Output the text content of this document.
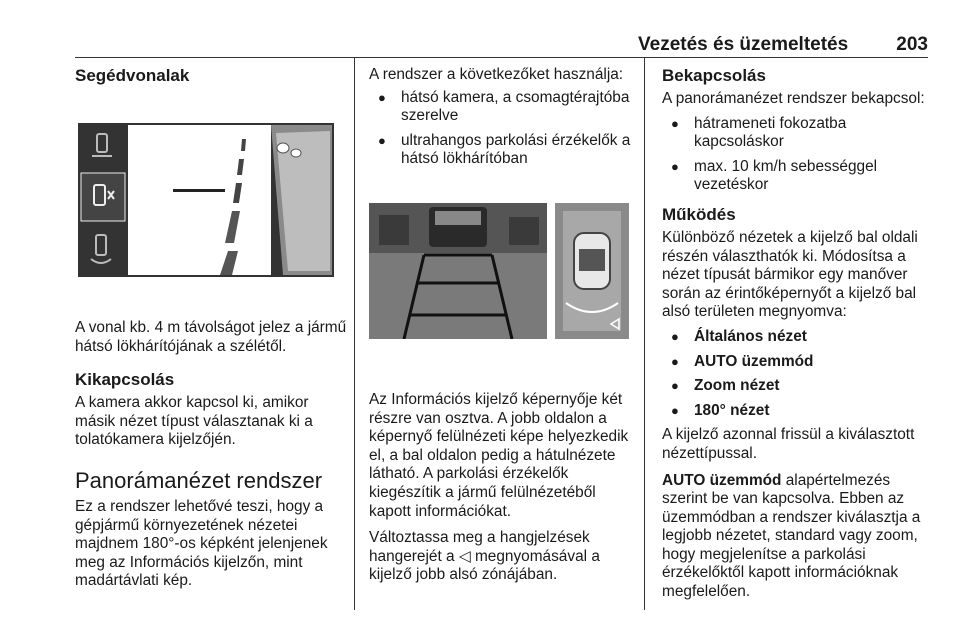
Vezetés és üzemeltetés	203
Segédvonalak

A vonal kb. 4 m távolságot jelez a jármű hátsó lökhárítójának a szélétől.

Kikapcsolás

A kamera akkor kapcsol ki, amikor másik nézet típust választanak ki a tolatókamera kijelzőjén.

Panorámanézet rendszer

Ez a rendszer lehetővé teszi, hogy a gépjármű környezetének nézetei majdnem 180°-os képként jelenjenek meg az Információs kijelzőn, mint madártávlati kép.

A rendszer a következőket használja:

● hátsó kamera, a csomagtérajtóba szerelve
● ultrahangos parkolási érzékelők a hátsó lökhárítóban

Az Információs kijelző képernyője két részre van osztva. A jobb oldalon a képernyő felülnézeti képe helyezkedik el, a bal oldalon pedig a hátulnézete látható. A parkolási érzékelők kiegészítik a jármű felülnézetéből kapott információkat.

Változtassa meg a hangjelzések hangerejét a ◁ megnyomásával a kijelző jobb alsó zónájában.

Bekapcsolás

A panorámanézet rendszer bekapcsol:

● hátrameneti fokozatba kapcsoláskor
● max. 10 km/h sebességgel vezetéskor
Működés

Különböző nézetek a kijelző bal oldali részén választhatók ki. Módosítsa a nézet típusát bármikor egy manőver során az érintőképernyőt a kijelző bal alsó területen megnyomva:

● Általános nézet
● AUTO üzemmód
● Zoom nézet
● 180° nézet

A kijelző azonnal frissül a kiválasztott nézettípussal.

AUTO üzemmód alapértelmezés szerint be van kapcsolva. Ebben az üzemmódban a rendszer kiválasztja a legjobb nézetet, standard vagy zoom, hogy megjelenítse a parkolási érzékelőktől kapott információknak megfelelően.
